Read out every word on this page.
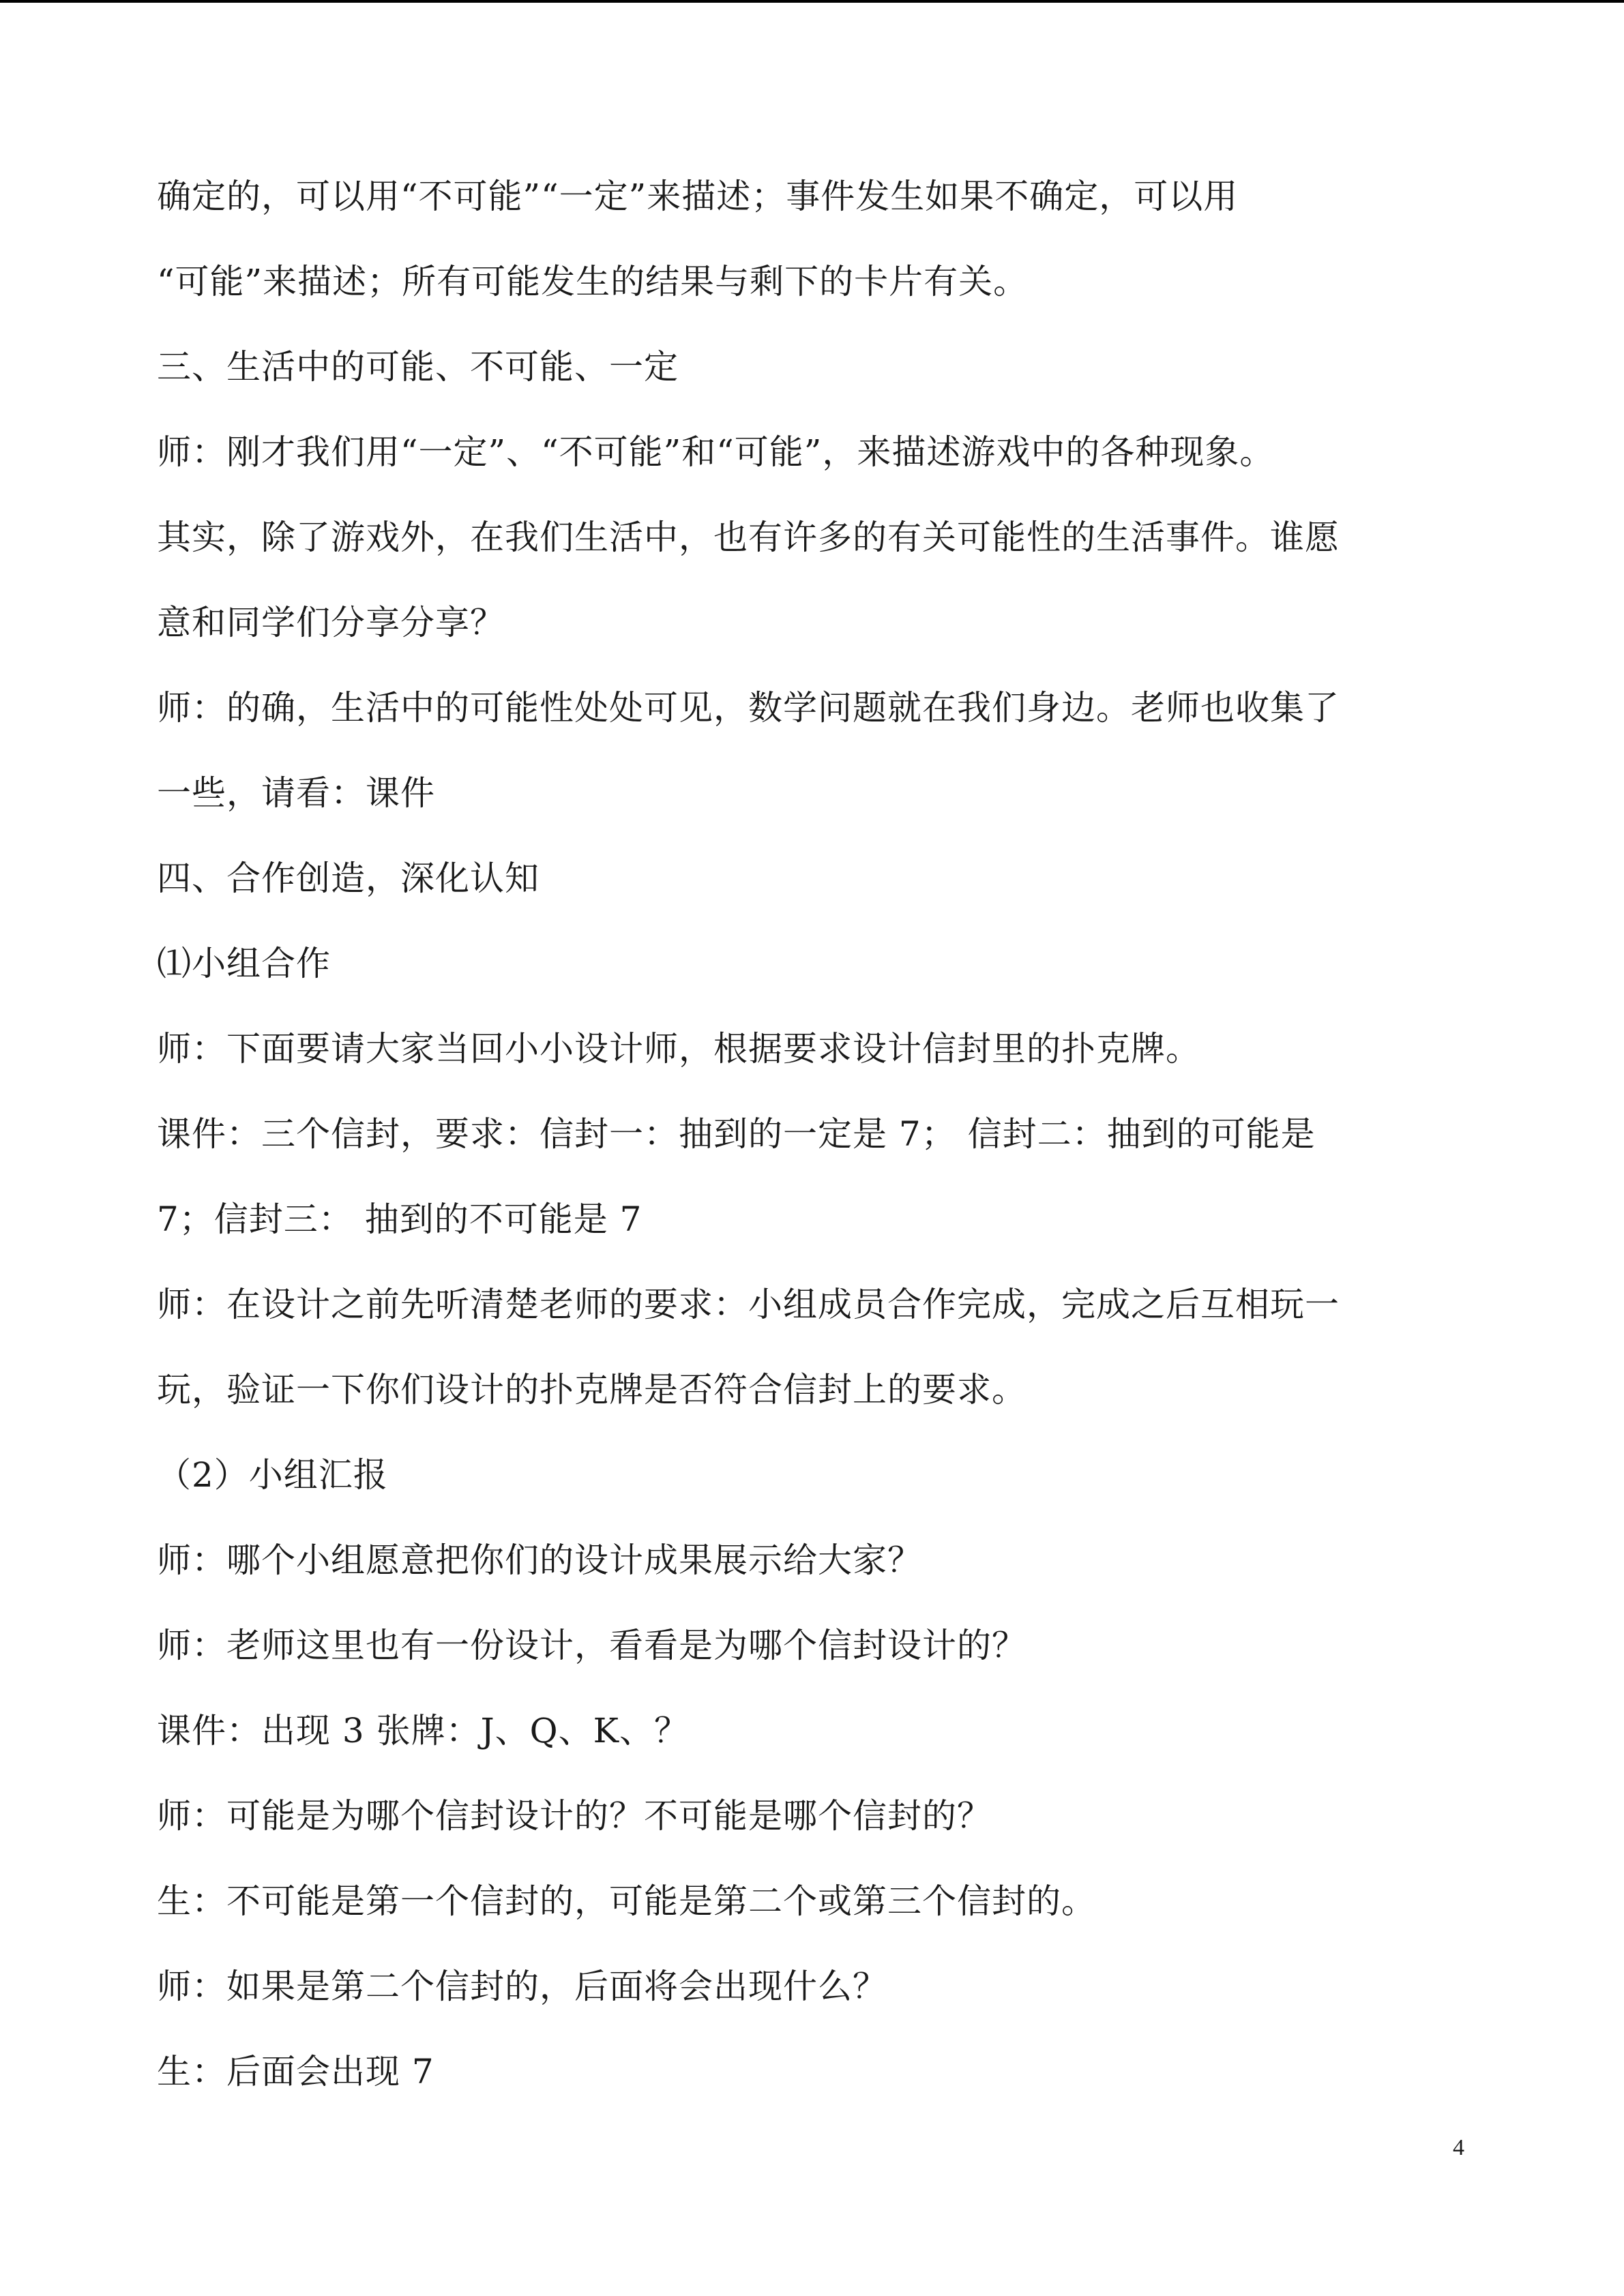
确定的，可以用“不可能”“一定”来描述；事件发生如果不确定，可以用
“可能”来描述；所有可能发生的结果与剩下的卡片有关。
三、生活中的可能、不可能、一定
师：刚才我们用“一定”、“不可能”和“可能”，来描述游戏中的各种现象。
其实，除了游戏外，在我们生活中，也有许多的有关可能性的生活事件。谁愿
意和同学们分享分享？
师：的确，生活中的可能性处处可见，数学问题就在我们身边。老师也收集了
一些，请看：课件
四、合作创造，深化认知
⑴小组合作
师：下面要请大家当回小小设计师，根据要求设计信封里的扑克牌。
课件：三个信封，要求：信封一：抽到的一定是 7； 信封二：抽到的可能是
7；信封三： 抽到的不可能是 7
师：在设计之前先听清楚老师的要求：小组成员合作完成，完成之后互相玩一
玩，验证一下你们设计的扑克牌是否符合信封上的要求。
（2）小组汇报
师：哪个小组愿意把你们的设计成果展示给大家？
师：老师这里也有一份设计，看看是为哪个信封设计的？
课件：出现 3 张牌：J、Q、K、？
师：可能是为哪个信封设计的？不可能是哪个信封的？
生：不可能是第一个信封的，可能是第二个或第三个信封的。
师：如果是第二个信封的，后面将会出现什么？
生：后面会出现 7
4
